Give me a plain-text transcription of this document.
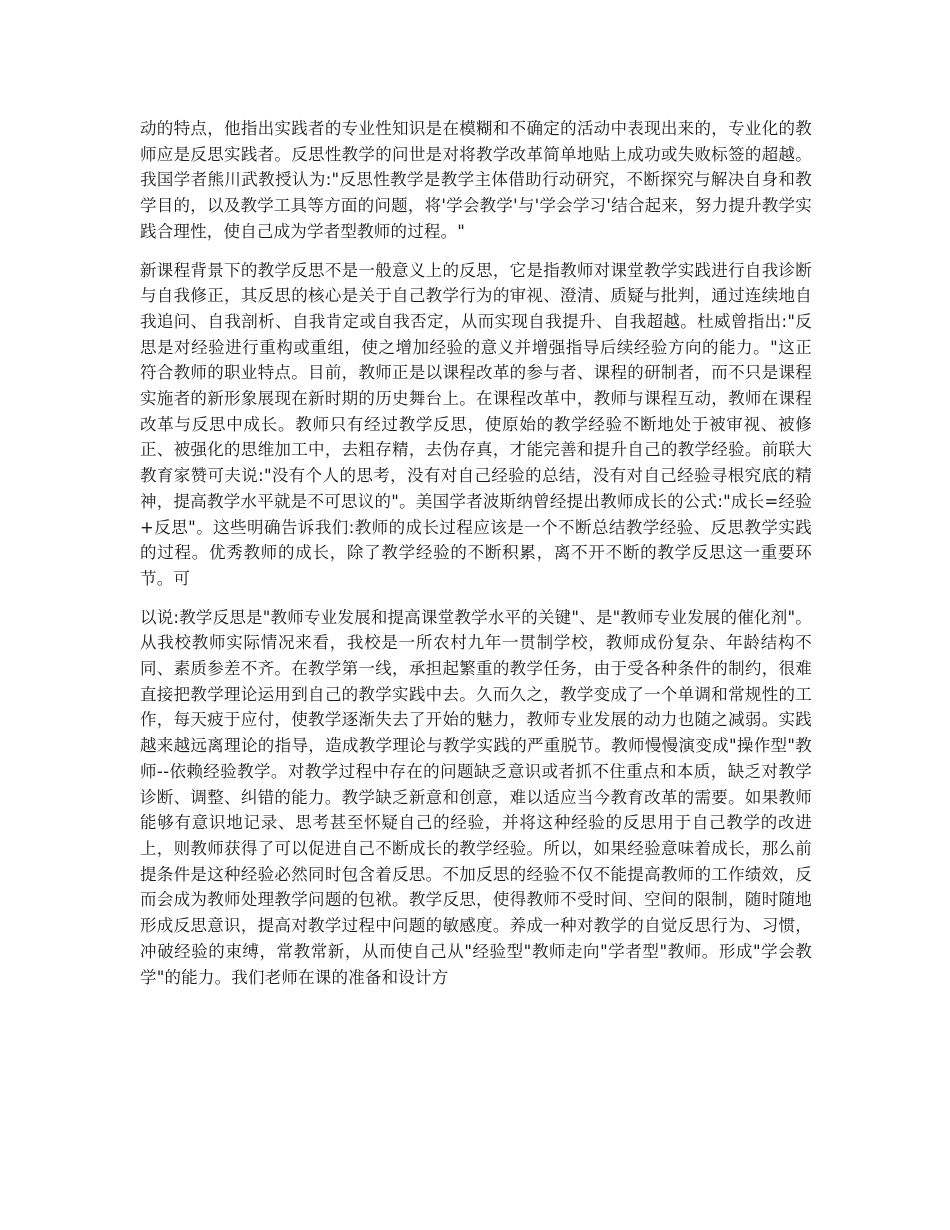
动的特点，他指出实践者的专业性知识是在模糊和不确定的活动中表现出来的，专业化的教师应是反思实践者。反思性教学的问世是对将教学改革简单地贴上成功或失败标签的超越。我国学者熊川武教授认为:"反思性教学是教学主体借助行动研究，不断探究与解决自身和教学目的，以及教学工具等方面的问题，将'学会教学'与'学会学习'结合起来，努力提升教学实践合理性，使自己成为学者型教师的过程。"

新课程背景下的教学反思不是一般意义上的反思，它是指教师对课堂教学实践进行自我诊断与自我修正，其反思的核心是关于自己教学行为的审视、澄清、质疑与批判，通过连续地自我追问、自我剖析、自我肯定或自我否定，从而实现自我提升、自我超越。杜威曾指出:"反思是对经验进行重构或重组，使之增加经验的意义并增强指导后续经验方向的能力。"这正符合教师的职业特点。目前，教师正是以课程改革的参与者、课程的研制者，而不只是课程实施者的新形象展现在新时期的历史舞台上。在课程改革中，教师与课程互动，教师在课程改革与反思中成长。教师只有经过教学反思，使原始的教学经验不断地处于被审视、被修正、被强化的思维加工中，去粗存精，去伪存真，才能完善和提升自己的教学经验。前联大教育家赞可夫说:"没有个人的思考，没有对自己经验的总结，没有对自己经验寻根究底的精神，提高教学水平就是不可思议的"。美国学者波斯纳曾经提出教师成长的公式:"成长=经验+反思"。这些明确告诉我们:教师的成长过程应该是一个不断总结教学经验、反思教学实践的过程。优秀教师的成长，除了教学经验的不断积累，离不开不断的教学反思这一重要环节。可

以说:教学反思是"教师专业发展和提高课堂教学水平的关键"、是"教师专业发展的催化剂"。 从我校教师实际情况来看，我校是一所农村九年一贯制学校，教师成份复杂、年龄结构不同、素质参差不齐。在教学第一线，承担起繁重的教学任务，由于受各种条件的制约，很难直接把教学理论运用到自己的教学实践中去。久而久之，教学变成了一个单调和常规性的工作，每天疲于应付，使教学逐渐失去了开始的魅力，教师专业发展的动力也随之减弱。实践越来越远离理论的指导，造成教学理论与教学实践的严重脱节。教师慢慢演变成"操作型"教师--依赖经验教学。对教学过程中存在的问题缺乏意识或者抓不住重点和本质，缺乏对教学诊断、调整、纠错的能力。教学缺乏新意和创意，难以适应当今教育改革的需要。如果教师能够有意识地记录、思考甚至怀疑自己的经验，并将这种经验的反思用于自己教学的改进上，则教师获得了可以促进自己不断成长的教学经验。所以，如果经验意味着成长，那么前提条件是这种经验必然同时包含着反思。不加反思的经验不仅不能提高教师的工作绩效，反而会成为教师处理教学问题的包袱。教学反思，使得教师不受时间、空间的限制，随时随地形成反思意识，提高对教学过程中问题的敏感度。养成一种对教学的自觉反思行为、习惯，冲破经验的束缚，常教常新，从而使自己从"经验型"教师走向"学者型"教师。形成"学会教学"的能力。我们老师在课的准备和设计方
